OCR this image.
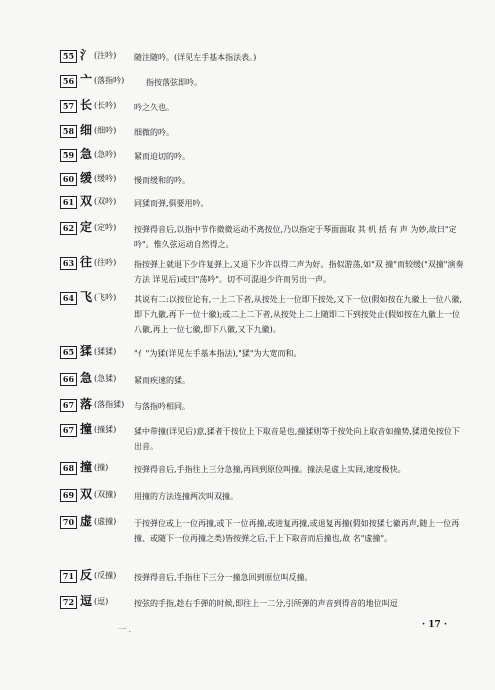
55 氵 (注吟) 随注随吟。(详见左手基本指法表。)
56 亠 (落指吟)	指按落弦即吟。
57 长 (长吟) 吟之久也。
58 细 (细吟) 细微的吟。
59 急 (急吟) 紧而迫切的吟。
60 缓 (缓吟) 慢而缓和的吟。
61 双 (双吟) 同猱而弹,俱要用吟。
62 定 (定吟) 按弹得音后,以指中节作微微运动不离按位,乃以指定于琴面面取 其 机 括 有 声 为妙,故曰"定吟"。惟久弦运动自然得之。
63 往 (往吟) 指按弹上就退下少许复弹上,又退下少许以得二声为好。指似游荡,如"双 撞"而较缓("双撞"演奏方法 详见后)或曰"荡吟"。切不可混退少许而另出一声。
64 飞 (飞吟) 其说有二:以按位论有,一上二下者,从按处上一位即下按处,又下一位(假如按在九徽上一位八徽,即下九徽,再下一位十徽);或二上二下者,从按处上二上随即二下到按处止(假如按在九徽上一位八徽,再上一位七徽,即下八徽,又下九徽)。
65 猱 (猱猱) "亻"为猱(详见左手基本指法),"猱"为大宽而和。
66 急 (急猱) 紧而疾速的猱。
67 落 (落指猱) 与落指吟相同。
67 撞 (撞猱) 猱中带撞(详见后)意,猱者于按位上下取音是也,撞猱则等于按处向上取音如撞势,猱道免按位下出音。
68 撞 (撞)	按弹得音后,手指往上三分急撞,再回到原位叫撞。撞法是虚上实回,速度极快。
69 双 (双撞) 用撞的方法连撞两次叫双撞。
70 虚 (虚撞) 于按弹位或上一位再撞,或下一位再撞,或进复再撞,或退复再撞(假如按猱七徽再声,随上一位再撞、或随下一位再撞之类)皆按弹之后,于上下取音而后撞也,故 名"虚撞"。
71 反 (反撞) 按弹得音后,手指往下三分一撞急回到原位叫反撞。
72 逗 (逗)	按弦的手指,趁右手弹的时候,即往上一二分,引所弹的声音到得音的地位叫逗
一 .	· 17 ·
